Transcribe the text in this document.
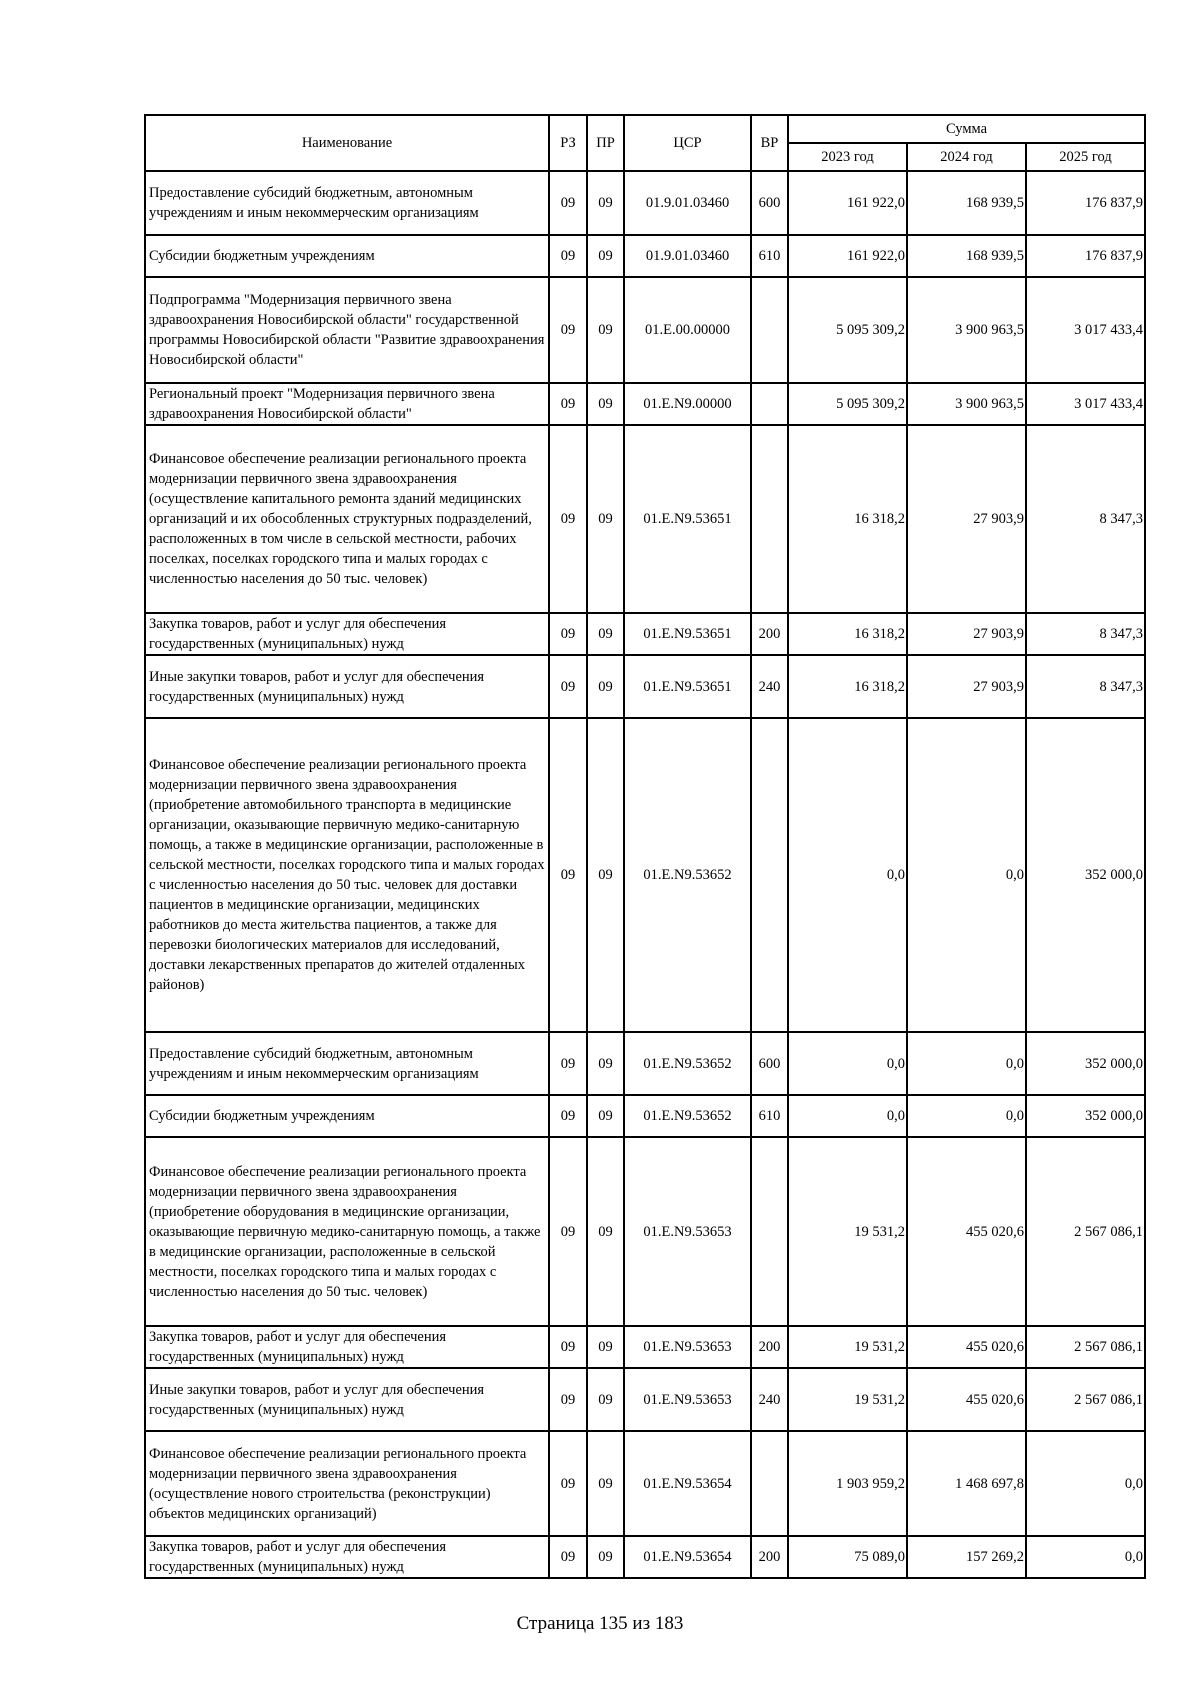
Наименование	РЗ	ПР	ЦСР	ВР	Сумма		
					2023 год	2024 год	2025 год
Предоставление субсидий бюджетным, автономным учреждениям и иным некоммерческим организациям	09	09	01.9.01.03460	600	161 922,0	168 939,5	176 837,9
Субсидии бюджетным учреждениям	09	09	01.9.01.03460	610	161 922,0	168 939,5	176 837,9
Подпрограмма "Модернизация первичного звена здравоохранения Новосибирской области" государственной программы Новосибирской области "Развитие здравоохранения Новосибирской области"	09	09	01.E.00.00000		5 095 309,2	3 900 963,5	3 017 433,4
Региональный проект "Модернизация первичного звена здравоохранения Новосибирской области"	09	09	01.E.N9.00000		5 095 309,2	3 900 963,5	3 017 433,4
Финансовое обеспечение реализации регионального проекта модернизации первичного звена здравоохранения (осуществление капитального ремонта зданий медицинских организаций и их обособленных структурных подразделений, расположенных в том числе в сельской местности, рабочих поселках, поселках городского типа и малых городах с численностью населения до 50 тыс. человек)	09	09	01.E.N9.53651		16 318,2	27 903,9	8 347,3
Закупка товаров, работ и услуг для обеспечения государственных (муниципальных) нужд	09	09	01.E.N9.53651	200	16 318,2	27 903,9	8 347,3
Иные закупки товаров, работ и услуг для обеспечения государственных (муниципальных) нужд	09	09	01.E.N9.53651	240	16 318,2	27 903,9	8 347,3
Финансовое обеспечение реализации регионального проекта модернизации первичного звена здравоохранения (приобретение автомобильного транспорта в медицинские организации, оказывающие первичную медико-санитарную помощь, а также в медицинские организации, расположенные в сельской местности, поселках городского типа и малых городах с численностью населения до 50 тыс. человек для доставки пациентов в медицинские организации, медицинских работников до места жительства пациентов, а также для перевозки биологических материалов для исследований, доставки лекарственных препаратов до жителей отдаленных районов)	09	09	01.E.N9.53652		0,0	0,0	352 000,0
Предоставление субсидий бюджетным, автономным учреждениям и иным некоммерческим организациям	09	09	01.E.N9.53652	600	0,0	0,0	352 000,0
Субсидии бюджетным учреждениям	09	09	01.E.N9.53652	610	0,0	0,0	352 000,0
Финансовое обеспечение реализации регионального проекта модернизации первичного звена здравоохранения (приобретение оборудования в медицинские организации, оказывающие первичную медико-санитарную помощь, а также в медицинские организации, расположенные в сельской местности, поселках городского типа и малых городах с численностью населения до 50 тыс. человек)	09	09	01.E.N9.53653		19 531,2	455 020,6	2 567 086,1
Закупка товаров, работ и услуг для обеспечения государственных (муниципальных) нужд	09	09	01.E.N9.53653	200	19 531,2	455 020,6	2 567 086,1
Иные закупки товаров, работ и услуг для обеспечения государственных (муниципальных) нужд	09	09	01.E.N9.53653	240	19 531,2	455 020,6	2 567 086,1
Финансовое обеспечение реализации регионального проекта модернизации первичного звена здравоохранения (осуществление нового строительства (реконструкции) объектов медицинских организаций)	09	09	01.E.N9.53654		1 903 959,2	1 468 697,8	0,0
Закупка товаров, работ и услуг для обеспечения государственных (муниципальных) нужд	09	09	01.E.N9.53654	200	75 089,0	157 269,2	0,0
Страница 135 из 183
